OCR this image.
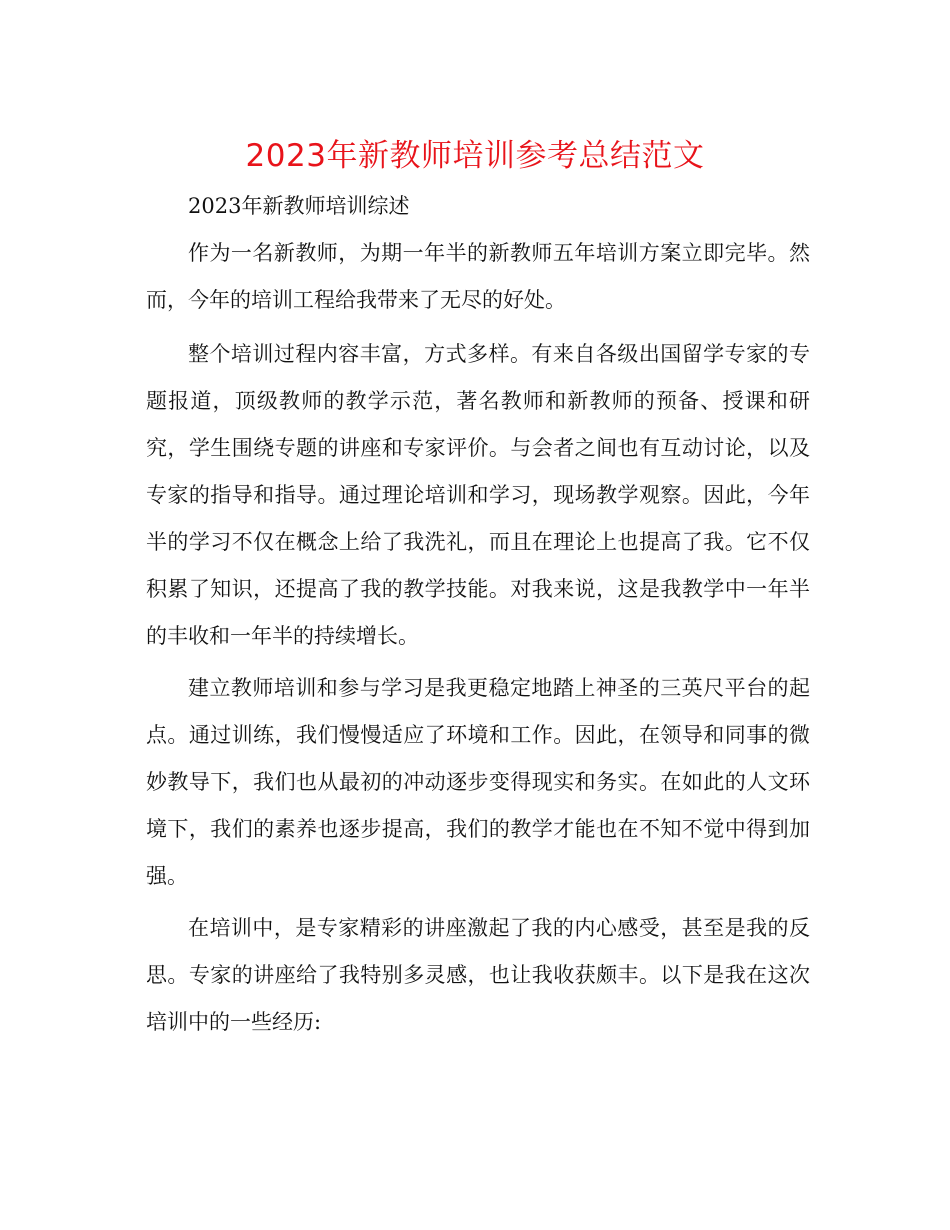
2023年新教师培训参考总结范文

2023年新教师培训综述

作为一名新教师，为期一年半的新教师五年培训方案立即完毕。然而，今年的培训工程给我带来了无尽的好处。

整个培训过程内容丰富，方式多样。有来自各级出国留学专家的专题报道，顶级教师的教学示范，著名教师和新教师的预备、授课和研究，学生围绕专题的讲座和专家评价。与会者之间也有互动讨论，以及专家的指导和指导。通过理论培训和学习，现场教学观察。因此，今年半的学习不仅在概念上给了我洗礼，而且在理论上也提高了我。它不仅积累了知识，还提高了我的教学技能。对我来说，这是我教学中一年半的丰收和一年半的持续增长。

建立教师培训和参与学习是我更稳定地踏上神圣的三英尺平台的起点。通过训练，我们慢慢适应了环境和工作。因此，在领导和同事的微妙教导下，我们也从最初的冲动逐步变得现实和务实。在如此的人文环境下，我们的素养也逐步提高，我们的教学才能也在不知不觉中得到加强。

在培训中，是专家精彩的讲座激起了我的内心感受，甚至是我的反思。专家的讲座给了我特别多灵感，也让我收获颇丰。以下是我在这次培训中的一些经历:
